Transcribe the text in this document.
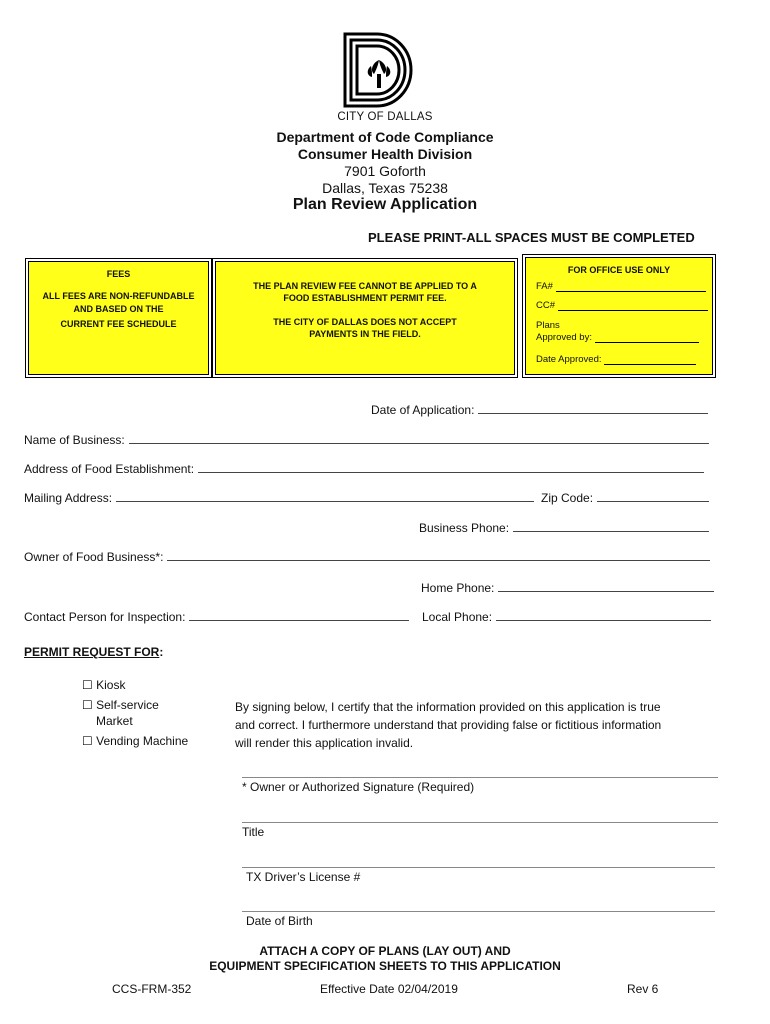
CITY OF DALLAS
Department of Code Compliance
Consumer Health Division
7901 Goforth
Dallas, Texas 75238
Plan Review Application
PLEASE PRINT-ALL SPACES MUST BE COMPLETED
FEES
ALL FEES ARE NON-REFUNDABLE
AND BASED ON THE
CURRENT FEE SCHEDULE
THE PLAN REVIEW FEE CANNOT BE APPLIED TO A
FOOD ESTABLISHMENT PERMIT FEE.
THE CITY OF DALLAS DOES NOT ACCEPT
PAYMENTS IN THE FIELD.
FOR OFFICE USE ONLY
FA#
CC#
Plans
Approved by:
Date Approved:
Date of Application:
Name of Business:
Address of Food Establishment:
Mailing Address:	Zip Code:
Business Phone:
Owner of Food Business*:
Home Phone:
Contact Person for Inspection:	Local Phone:
PERMIT REQUEST FOR:
☐ Kiosk
☐ Self-service
Market
☐ Vending Machine
By signing below, I certify that the information provided on this application is true
and correct. I furthermore understand that providing false or fictitious information
will render this application invalid.
* Owner or Authorized Signature (Required)
Title
TX Driver’s License #
Date of Birth
ATTACH A COPY OF PLANS (LAY OUT) AND
EQUIPMENT SPECIFICATION SHEETS TO THIS APPLICATION
CCS-FRM-352	Effective Date 02/04/2019	Rev 6
